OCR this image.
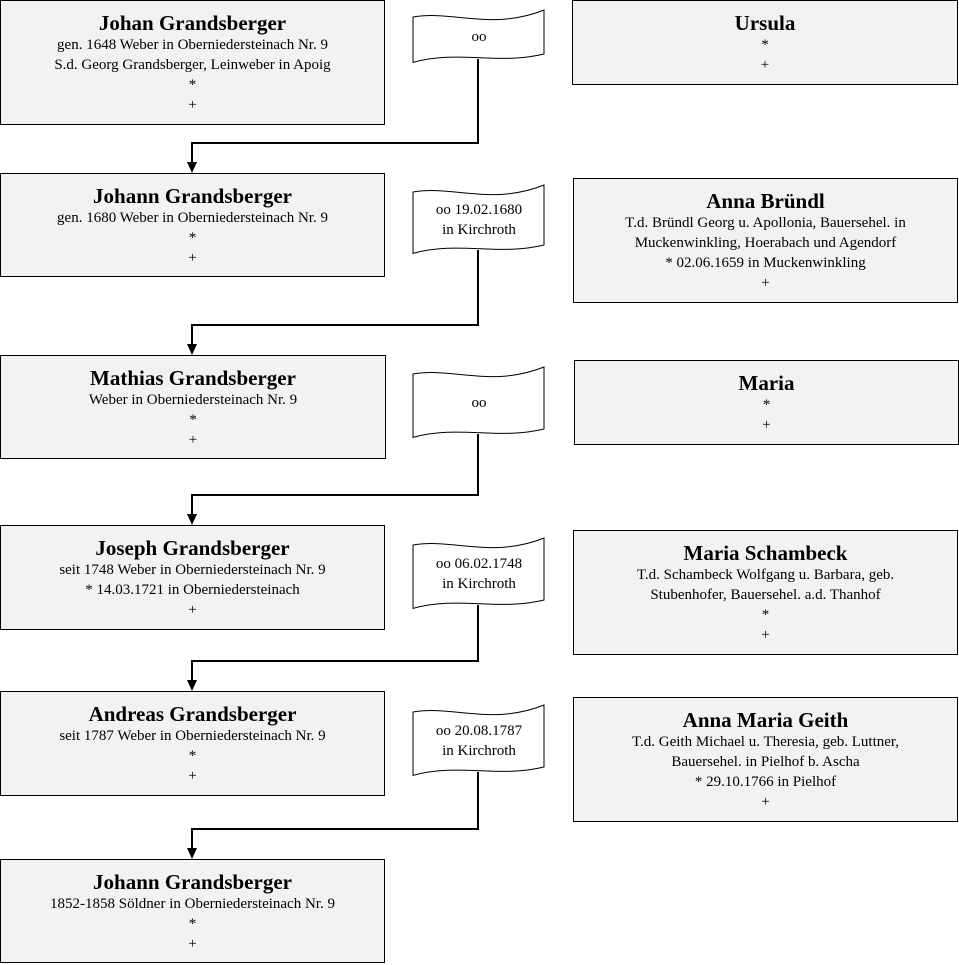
Johan Grandsberger
gen. 1648 Weber in Oberniedersteinach Nr. 9
S.d. Georg Grandsberger, Leinweber in Apoig
*
+
Ursula
*
+
oo
Johann Grandsberger
gen. 1680 Weber in Oberniedersteinach Nr. 9
*
+
Anna Bründl
T.d. Bründl Georg u. Apollonia, Bauersehel. in
Muckenwinkling, Hoerabach und Agendorf
* 02.06.1659 in Muckenwinkling
+
oo 19.02.1680
in Kirchroth
Mathias Grandsberger
Weber in Oberniedersteinach Nr. 9
*
+
Maria
*
+
oo
Joseph Grandsberger
seit 1748 Weber in Oberniedersteinach Nr. 9
* 14.03.1721 in Oberniedersteinach
+
Maria Schambeck
T.d. Schambeck Wolfgang u. Barbara, geb.
Stubenhofer, Bauersehel. a.d. Thanhof
*
+
oo 06.02.1748
in Kirchroth
Andreas Grandsberger
seit 1787 Weber in Oberniedersteinach Nr. 9
*
+
Anna Maria Geith
T.d. Geith Michael u. Theresia, geb. Luttner,
Bauersehel. in Pielhof b. Ascha
* 29.10.1766 in Pielhof
+
oo 20.08.1787
in Kirchroth
Johann Grandsberger
1852-1858 Söldner in Oberniedersteinach Nr. 9
*
+
